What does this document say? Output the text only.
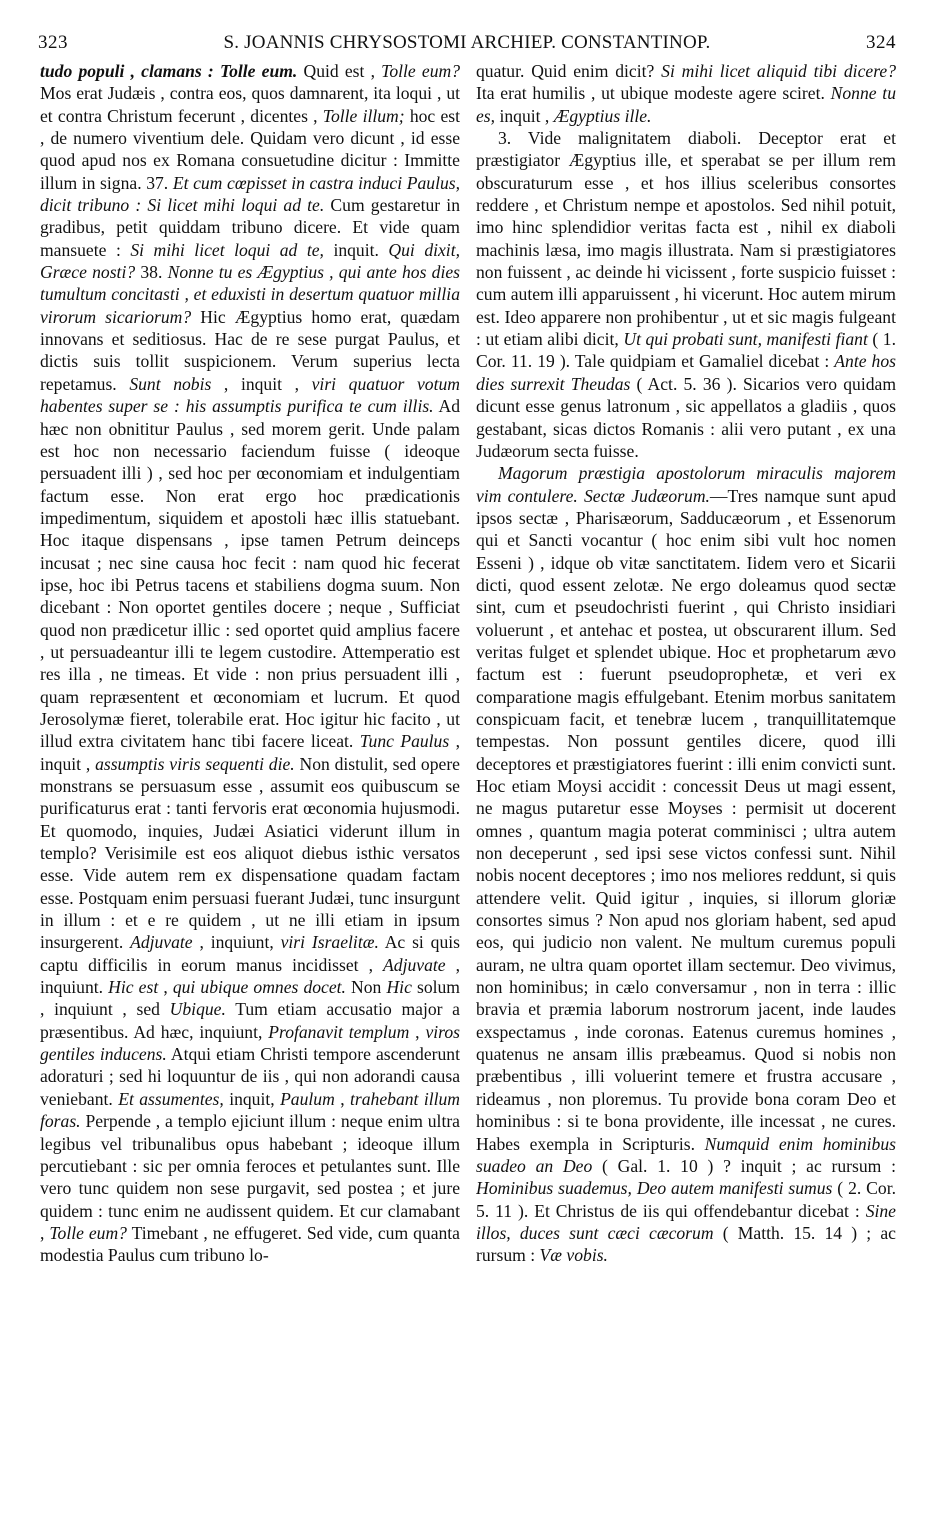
323	S. JOANNIS CHRYSOSTOMI ARCHIEP. CONSTANTINOP.	324

tudo populi , clamans : Tolle eum. Quid est , Tolle eum? Mos erat Judæis , contra eos, quos damnarent, ita loqui , ut et contra Christum fecerunt , dicentes , Tolle illum; hoc est , de numero viventium dele. Quidam vero dicunt , id esse quod apud nos ex Romana consuetudine dicitur : Immitte illum in signa. 37. Et cum cœpisset in castra induci Paulus, dicit tribuno : Si licet mihi loqui ad te. Cum gestaretur in gradibus, petit quiddam tribuno dicere. Et vide quam mansuete : Si mihi licet loqui ad te, inquit. Qui dixit, Græce nosti? 38. Nonne tu es Ægyptius , qui ante hos dies tumultum concitasti , et eduxisti in desertum quatuor millia virorum sicariorum? Hic Ægyptius homo erat, quædam innovans et seditiosus. Hac de re sese purgat Paulus, et dictis suis tollit suspicionem. Verum superius lecta repetamus. Sunt nobis , inquit , viri quatuor votum habentes super se : his assumptis purifica te cum illis. Ad hæc non obnititur Paulus , sed morem gerit. Unde palam est hoc non necessario faciendum fuisse ( ideoque persuadent illi ) , sed hoc per œconomiam et indulgentiam factum esse. Non erat ergo hoc prædicationis impedimentum, siquidem et apostoli hæc illis statuebant. Hoc itaque dispensans , ipse tamen Petrum deinceps incusat ; nec sine causa hoc fecit : nam quod hic fecerat ipse, hoc ibi Petrus tacens et stabiliens dogma suum. Non dicebant : Non oportet gentiles docere ; neque , Sufficiat quod non prædicetur illic : sed oportet quid amplius facere , ut persuadeantur illi te legem custodire. Attemperatio est res illa , ne timeas. Et vide : non prius persuadent illi , quam repræsentent et œconomiam et lucrum. Et quod Jerosolymæ fieret, tolerabile erat. Hoc igitur hic facito , ut illud extra civitatem hanc tibi facere liceat. Tunc Paulus , inquit , assumptis viris sequenti die. Non distulit, sed opere monstrans se persuasum esse , assumit eos quibuscum se purificaturus erat : tanti fervoris erat œconomia hujusmodi. Et quomodo, inquies, Judæi Asiatici viderunt illum in templo? Verisimile est eos aliquot diebus isthic versatos esse. Vide autem rem ex dispensatione quadam factam esse. Postquam enim persuasi fuerant Judæi, tunc insurgunt in illum : et e re quidem , ut ne illi etiam in ipsum insurgerent. Adjuvate , inquiunt, viri Israelitæ. Ac si quis captu difficilis in eorum manus incidisset , Adjuvate , inquiunt. Hic est , qui ubique omnes docet. Non Hic solum , inquiunt , sed Ubique. Tum etiam accusatio major a præsentibus. Ad hæc, inquiunt, Profanavit templum , viros gentiles inducens. Atqui etiam Christi tempore ascenderunt adoraturi ; sed hi loquuntur de iis , qui non adorandi causa veniebant. Et assumentes, inquit, Paulum , trahebant illum foras. Perpende , a templo ejiciunt illum : neque enim ultra legibus vel tribunalibus opus habebant ; ideoque illum percutiebant : sic per omnia feroces et petulantes sunt. Ille vero tunc quidem non sese purgavit, sed postea ; et jure quidem : tunc enim ne audissent quidem. Et cur clamabant , Tolle eum? Timebant , ne effugeret. Sed vide, cum quanta modestia Paulus cum tribuno lo-

quatur. Quid enim dicit? Si mihi licet aliquid tibi dicere? Ita erat humilis , ut ubique modeste agere sciret. Nonne tu es, inquit , Ægyptius ille.

3. Vide malignitatem diaboli. Deceptor erat et præstigiator Ægyptius ille, et sperabat se per illum rem obscuraturum esse , et hos illius sceleribus consortes reddere , et Christum nempe et apostolos. Sed nihil potuit, imo hinc splendidior veritas facta est , nihil ex diaboli machinis læsa, imo magis illustrata. Nam si præstigiatores non fuissent , ac deinde hi vicissent , forte suspicio fuisset : cum autem illi apparuissent , hi vicerunt. Hoc autem mirum est. Ideo apparere non prohibentur , ut et sic magis fulgeant : ut etiam alibi dicit, Ut qui probati sunt, manifesti fiant ( 1. Cor. 11. 19 ). Tale quidpiam et Gamaliel dicebat : Ante hos dies surrexit Theudas ( Act. 5. 36 ). Sicarios vero quidam dicunt esse genus latronum , sic appellatos a gladiis , quos gestabant, sicas dictos Romanis : alii vero putant , ex una Judæorum secta fuisse.

Magorum præstigia apostolorum miraculis majorem vim contulere. Sectæ Judæorum.—Tres namque sunt apud ipsos sectæ , Pharisæorum, Sadducæorum , et Essenorum qui et Sancti vocantur ( hoc enim sibi vult hoc nomen Esseni ) , idque ob vitæ sanctitatem. Iidem vero et Sicarii dicti, quod essent zelotæ. Ne ergo doleamus quod sectæ sint, cum et pseudochristi fuerint , qui Christo insidiari voluerunt , et antehac et postea, ut obscurarent illum. Sed veritas fulget et splendet ubique. Hoc et prophetarum ævo factum est : fuerunt pseudoprophetæ, et veri ex comparatione magis effulgebant. Etenim morbus sanitatem conspicuam facit, et tenebræ lucem , tranquillitatemque tempestas. Non possunt gentiles dicere, quod illi deceptores et præstigiatores fuerint : illi enim convicti sunt. Hoc etiam Moysi accidit : concessit Deus ut magi essent, ne magus putaretur esse Moyses : permisit ut docerent omnes , quantum magia poterat comminisci ; ultra autem non deceperunt , sed ipsi sese victos confessi sunt. Nihil nobis nocent deceptores ; imo nos meliores reddunt, si quis attendere velit. Quid igitur , inquies, si illorum gloriæ consortes simus ? Non apud nos gloriam habent, sed apud eos, qui judicio non valent. Ne multum curemus populi auram, ne ultra quam oportet illam sectemur. Deo vivimus, non hominibus; in cælo conversamur , non in terra : illic bravia et præmia laborum nostrorum jacent, inde laudes exspectamus , inde coronas. Eatenus curemus homines , quatenus ne ansam illis præbeamus. Quod si nobis non præbentibus , illi voluerint temere et frustra accusare , rideamus , non ploremus. Tu provide bona coram Deo et hominibus : si te bona providente, ille incessat , ne cures. Habes exempla in Scripturis. Numquid enim hominibus suadeo an Deo ( Gal. 1. 10 ) ? inquit ; ac rursum : Hominibus suademus, Deo autem manifesti sumus ( 2. Cor. 5. 11 ). Et Christus de iis qui offendebantur dicebat : Sine illos, duces sunt cæci cæcorum ( Matth. 15. 14 ) ; ac rursum : Væ vobis.
